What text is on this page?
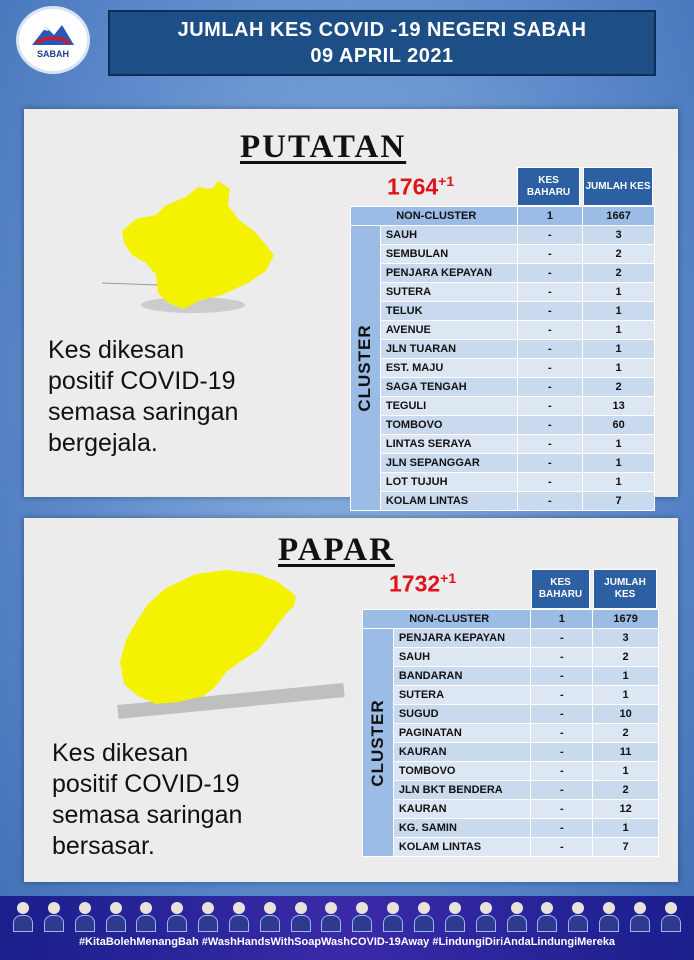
SABAH
JUMLAH KES COVID -19 NEGERI SABAH
09 APRIL 2021
PUTATAN
$1764^{+1}$
Kes dikesan
positif COVID-19
semasa saringan
bergejala.
KES BAHARU
JUMLAH KES
NON-CLUSTER		1	1667

CLUSTER	SAUH	-	3
	SEMBULAN	-	2
	PENJARA KEPAYAN	-	2
	SUTERA	-	1
	TELUK	-	1
	AVENUE	-	1
	JLN TUARAN	-	1
	EST. MAJU	-	1
	SAGA TENGAH	-	2
	TEGULI	-	13
	TOMBOVO	-	60
	LINTAS SERAYA	-	1
	JLN SEPANGGAR	-	1
	LOT TUJUH	-	1
	KOLAM LINTAS	-	7
PAPAR
$1732^{+1}$
Kes dikesan
positif COVID-19
semasa saringan
bersasar.
KES BAHARU
JUMLAH KES
NON-CLUSTER		1	1679

CLUSTER	PENJARA KEPAYAN	-	3
	SAUH	-	2
	BANDARAN	-	1
	SUTERA	-	1
	SUGUD	-	10
	PAGINATAN	-	2
	KAURAN	-	11
	TOMBOVO	-	1
	JLN BKT BENDERA	-	2
	KAURAN	-	12
	KG. SAMIN	-	1
	KOLAM LINTAS	-	7
#KitaBolehMenangBah #WashHandsWithSoapWashCOVID-19Away #LindungiDiriAndaLindungiMereka
